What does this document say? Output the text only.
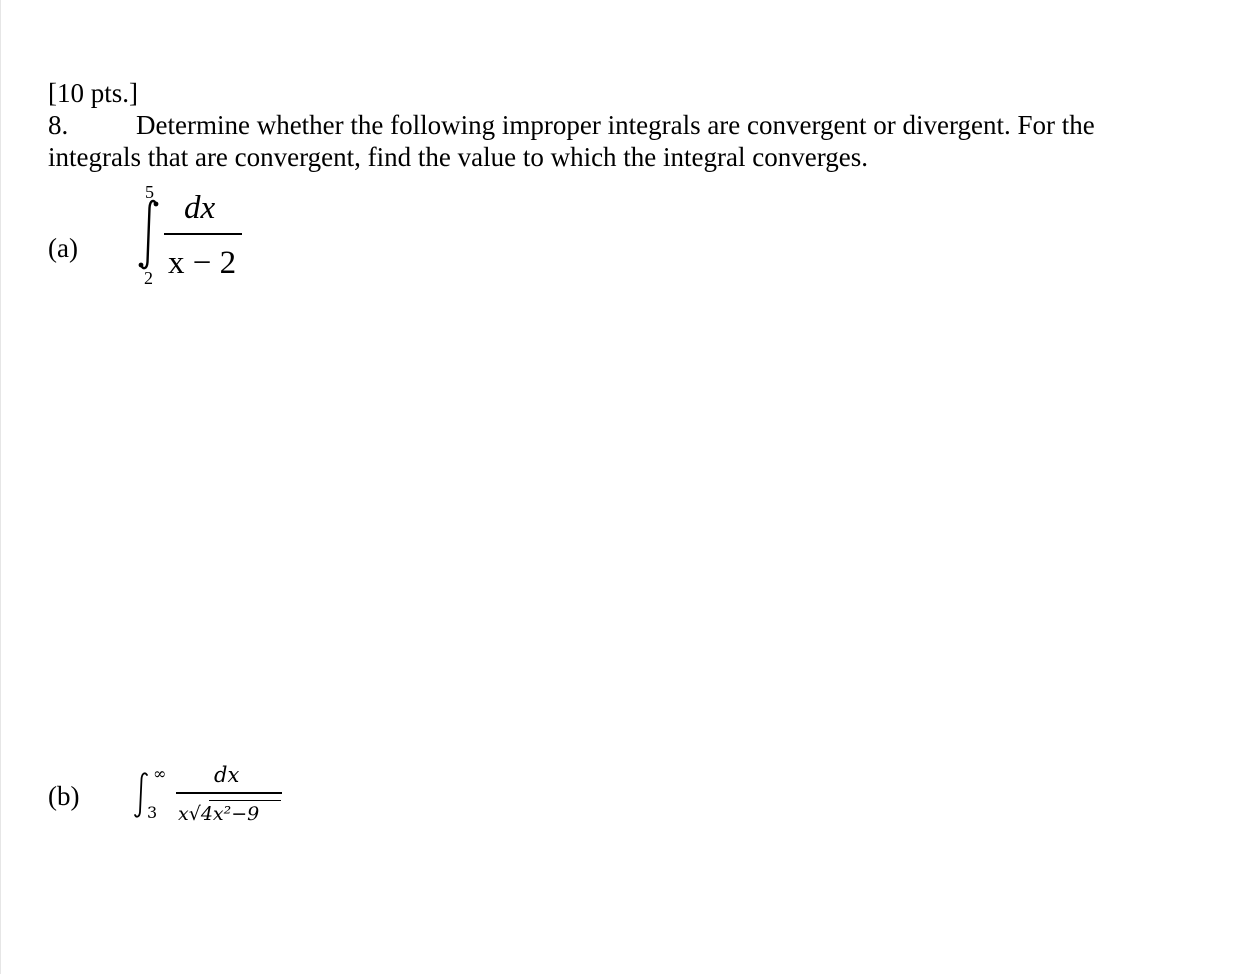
[10 pts.]
8.	Determine whether the following improper integrals are convergent or divergent. For the
integrals that are convergent, find the value to which the integral converges.
(a)
5 dx
x − 2
2
(b)
∞
3
dx
x√4x²−9
